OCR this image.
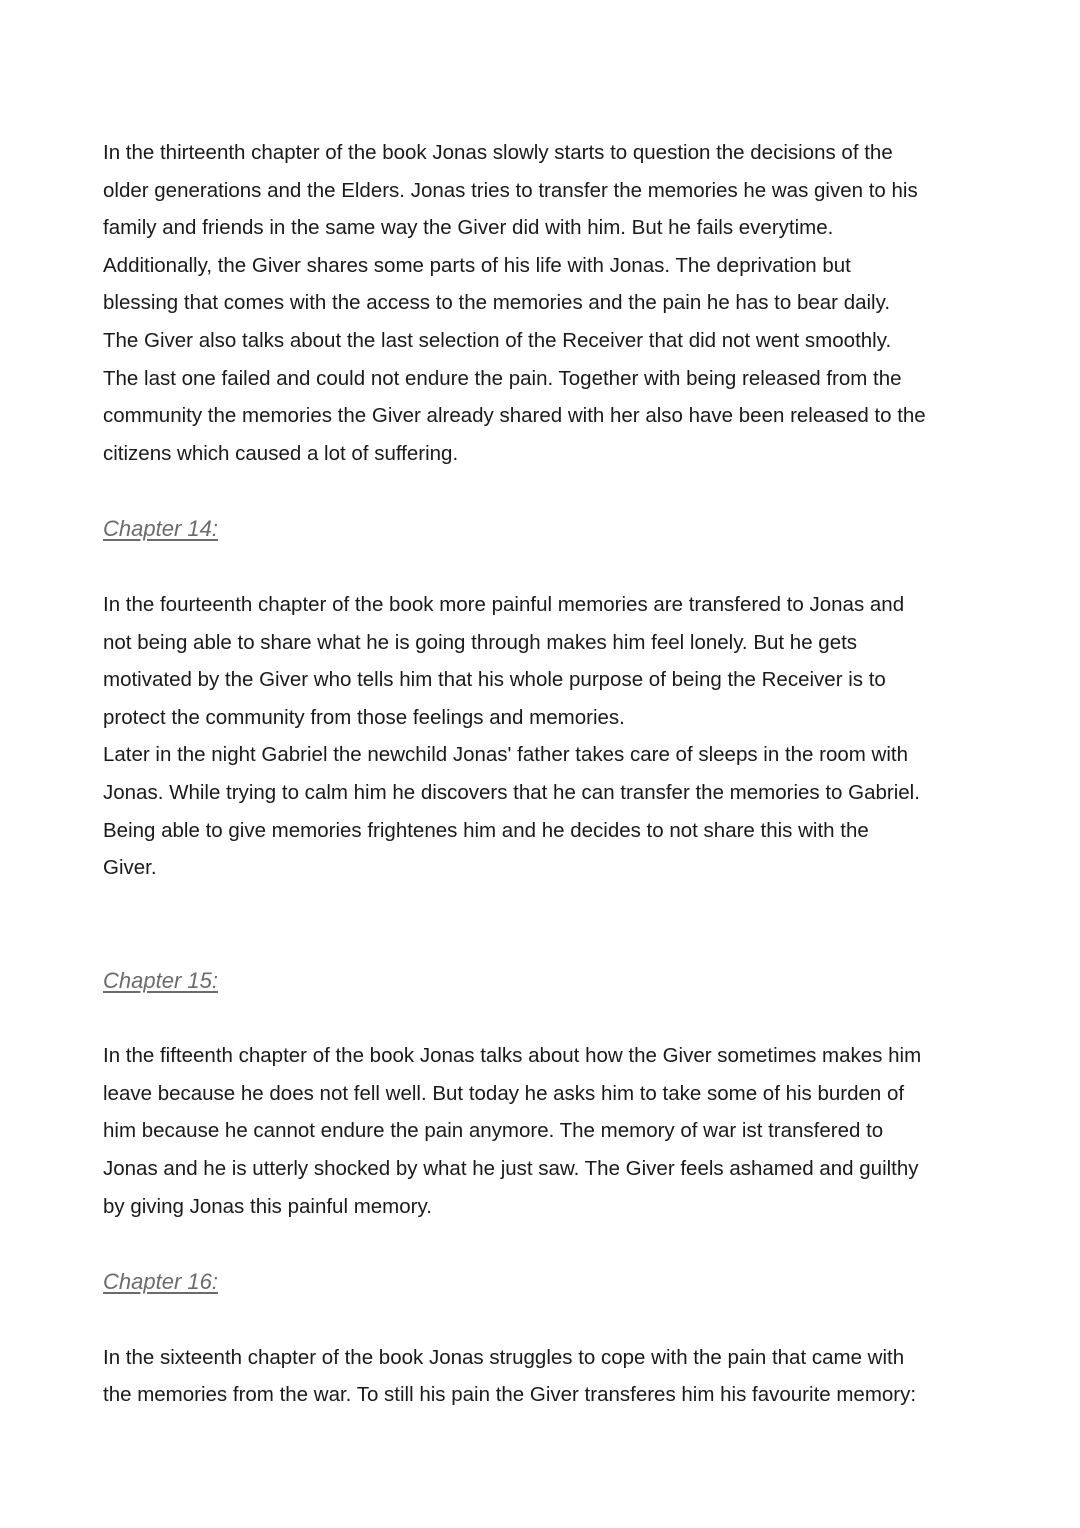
In the thirteenth chapter of the book Jonas slowly starts to question the decisions of the
older generations and the Elders. Jonas tries to transfer the memories he was given to his
family and friends in the same way the Giver did with him. But he fails everytime.
Additionally, the Giver shares some parts of his life with Jonas. The deprivation but
blessing that comes with the access to the memories and the pain he has to bear daily.
The Giver also talks about the last selection of the Receiver that did not went smoothly.
The last one failed and could not endure the pain. Together with being released from the
community the memories the Giver already shared with her also have been released to the
citizens which caused a lot of suffering.
Chapter 14:
In the fourteenth chapter of the book more painful memories are transfered to Jonas and
not being able to share what he is going through makes him feel lonely. But he gets
motivated by the Giver who tells him that his whole purpose of being the Receiver is to
protect the community from those feelings and memories.
Later in the night Gabriel the newchild Jonas' father takes care of sleeps in the room with
Jonas. While trying to calm him he discovers that he can transfer the memories to Gabriel.
Being able to give memories frightenes him and he decides to not share this with the
Giver.
Chapter 15:
In the fifteenth chapter of the book Jonas talks about how the Giver sometimes makes him
leave because he does not fell well. But today he asks him to take some of his burden of
him because he cannot endure the pain anymore. The memory of war ist transfered to
Jonas and he is utterly shocked by what he just saw. The Giver feels ashamed and guilthy
by giving Jonas this painful memory.
Chapter 16:
In the sixteenth chapter of the book Jonas struggles to cope with the pain that came with
the memories from the war. To still his pain the Giver transferes him his favourite memory:
